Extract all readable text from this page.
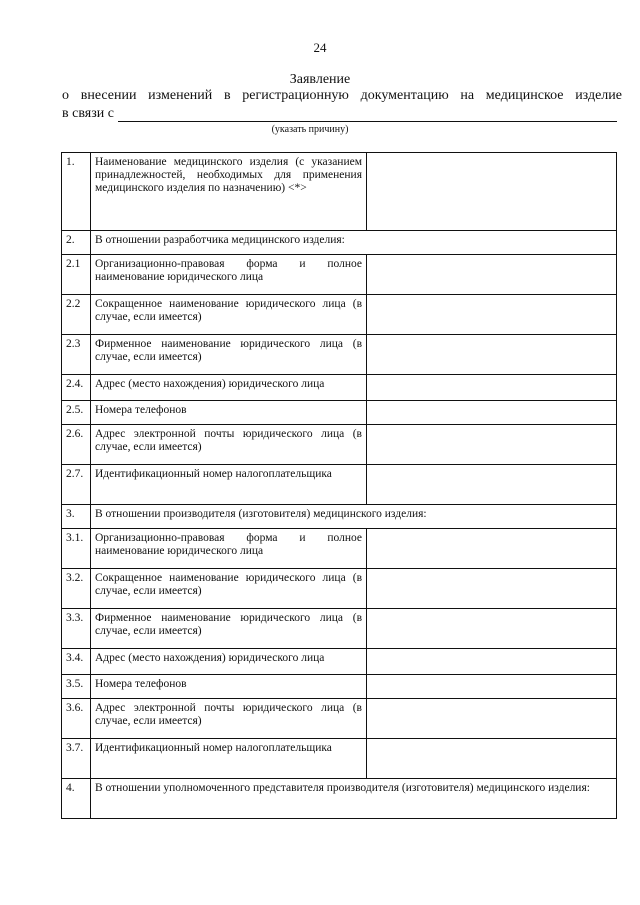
24
Заявление
о внесении изменений в регистрационную документацию на медицинское изделие
в связи с
(указать причину)
1.	Наименование медицинского изделия (с указанием принадлежностей, необходимых для применения медицинского изделия по назначению) <*>	
2.	В отношении разработчика медицинского изделия:	
2.1	Организационно-правовая форма и полное наименование юридического лица	
2.2	Сокращенное наименование юридического лица (в случае, если имеется)	
2.3	Фирменное наименование юридического лица (в случае, если имеется)	
2.4.	Адрес (место нахождения) юридического лица	
2.5.	Номера телефонов	
2.6.	Адрес электронной почты юридического лица (в случае, если имеется)	
2.7.	Идентификационный номер налогоплательщика	
3.	В отношении производителя (изготовителя) медицинского изделия:	
3.1.	Организационно-правовая форма и полное наименование юридического лица	
3.2.	Сокращенное наименование юридического лица (в случае, если имеется)	
3.3.	Фирменное наименование юридического лица (в случае, если имеется)	
3.4.	Адрес (место нахождения) юридического лица	
3.5.	Номера телефонов	
3.6.	Адрес электронной почты юридического лица (в случае, если имеется)	
3.7.	Идентификационный номер налогоплательщика	
4.	В отношении уполномоченного представителя производителя (изготовителя) медицинского изделия:	
